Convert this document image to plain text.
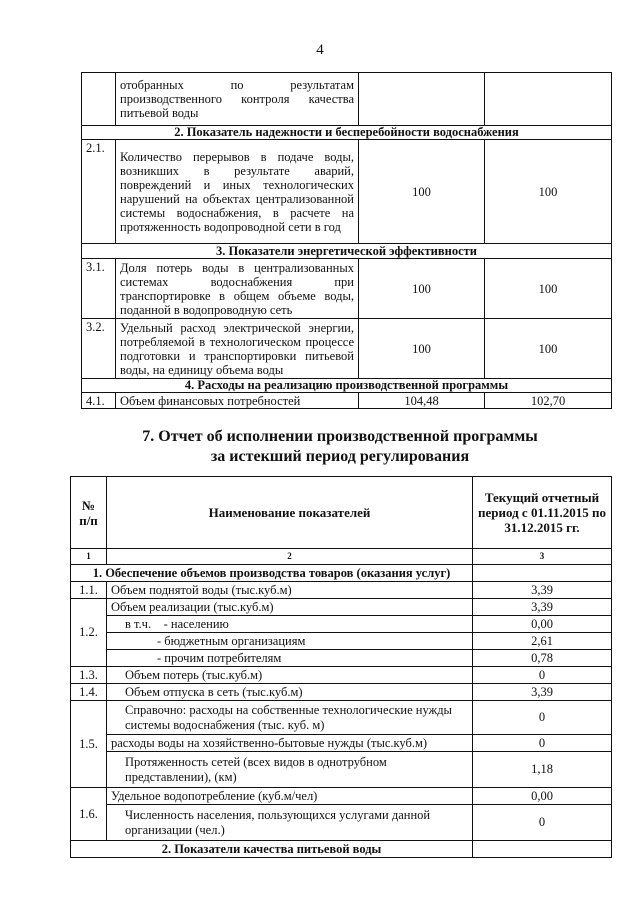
4
	отобранных по результатам производственного контроля качества питьевой воды		
2. Показатель надежности и бесперебойности водоснабжения			
2.1.	Количество перерывов в подаче воды, возникших в результате аварий, повреждений и иных технологических нарушений на объектах централизованной системы водоснабжения, в расчете на протяженность водопроводной сети в год	100	100
3. Показатели энергетической эффективности			
3.1.	Доля потерь воды в централизованных системах водоснабжения при транспортировке в общем объеме воды, поданной в водопроводную сеть	100	100
3.2.	Удельный расход электрической энергии, потребляемой в технологическом процессе подготовки и транспортировки питьевой воды, на единицу объема воды	100	100
4. Расходы на реализацию производственной программы			
4.1.	Объем финансовых потребностей	104,48	102,70
7. Отчет об исполнении производственной программы
за истекший период регулирования
№ п/п	Наименование показателей	Текущий отчетный период с 01.11.2015 по 31.12.2015 гг.
1	2	3
1. Обеспечение объемов производства товаров (оказания услуг)		
1.1.	Объем поднятой воды (тыс.куб.м)	3,39
1.2.	Объем реализации (тыс.куб.м)	3,39
	в т.ч.    - населению	0,00
	- бюджетным организациям	2,61
	- прочим потребителям	0,78
1.3.	Объем потерь (тыс.куб.м)	0
1.4.	Объем отпуска в сеть (тыс.куб.м)	3,39
1.5.	Справочно: расходы на собственные технологические нужды системы водоснабжения (тыс. куб. м)	0
	расходы воды на хозяйственно-бытовые нужды (тыс.куб.м)	0
	Протяженность сетей (всех видов в однотрубном представлении), (км)	1,18
1.6.	Удельное водопотребление (куб.м/чел)	0,00
	Численность населения, пользующихся услугами данной организации (чел.)	0
2. Показатели качества питьевой воды		
